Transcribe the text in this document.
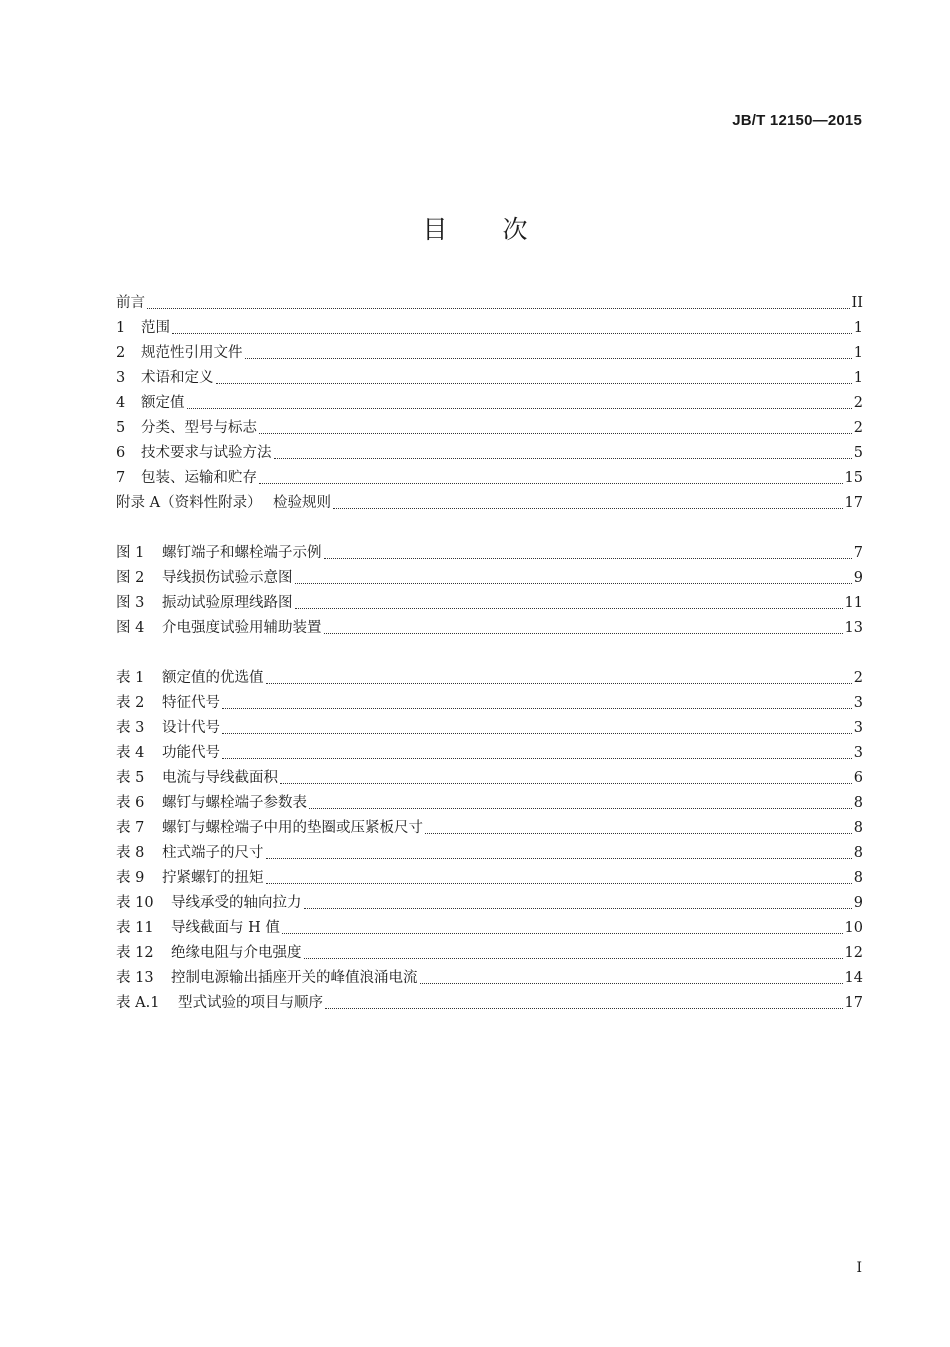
JB/T 12150—2015
目 次
前言	II
1	范围	1
2	规范性引用文件	1
3	术语和定义	1
4	额定值	2
5	分类、型号与标志	2
6	技术要求与试验方法	5
7	包装、运输和贮存	15
附录 A（资料性附录） 检验规则	17
图 1	螺钉端子和螺栓端子示例	7
图 2	导线损伤试验示意图	9
图 3	振动试验原理线路图	11
图 4	介电强度试验用辅助装置	13
表 1	额定值的优选值	2
表 2	特征代号	3
表 3	设计代号	3
表 4	功能代号	3
表 5	电流与导线截面积	6
表 6	螺钉与螺栓端子参数表	8
表 7	螺钉与螺栓端子中用的垫圈或压紧板尺寸	8
表 8	柱式端子的尺寸	8
表 9	拧紧螺钉的扭矩	8
表 10	导线承受的轴向拉力	9
表 11	导线截面与 H 值	10
表 12	绝缘电阻与介电强度	12
表 13	控制电源输出插座开关的峰值浪涌电流	14
表 A.1	型式试验的项目与顺序	17
I
